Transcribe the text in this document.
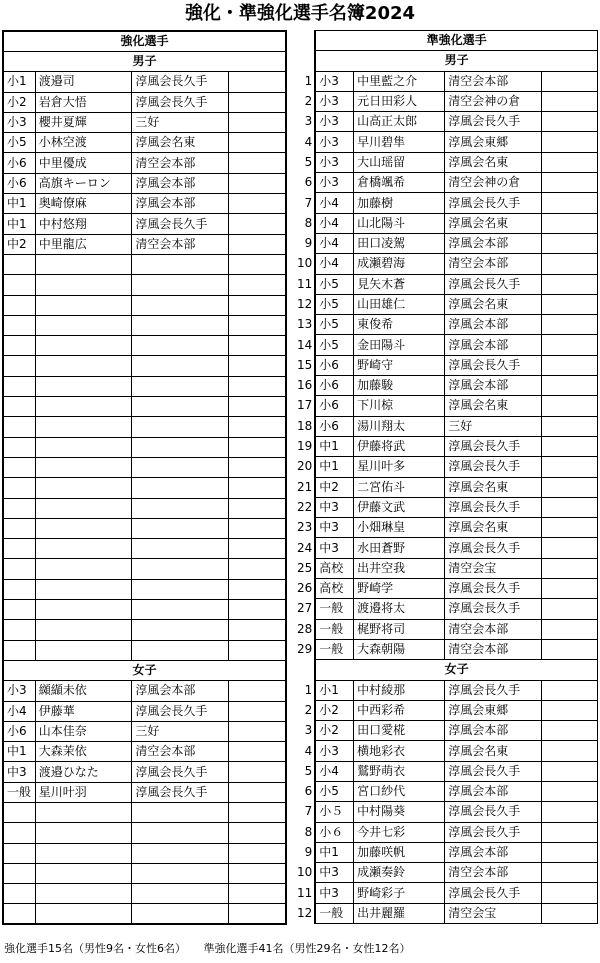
強化・準強化選手名簿2024
強化選手			
男子			
小1	渡邉司	淳風会長久手	
小2	岩倉大悟	淳風会長久手	
小3	櫻井夏輝	三好	
小5	小林空渡	淳風会名東	
小6	中里優成	清空会本部	
小6	高旗キーロン	淳風会本部	
中1	奥崎僚麻	淳風会本部	
中1	中村悠翔	淳風会長久手	
中2	中里龍広	清空会本部	

女子			
小3	纐纈未依	淳風会本部	
小4	伊藤華	淳風会長久手	
小6	山本佳奈	三好	
中1	大森茉依	清空会本部	
中3	渡邉ひなた	淳風会長久手	
一般	星川叶羽	淳風会長久手	

	準強化選手			
	男子			
1	小3	中里藍之介	清空会本部	
2	小3	元日田彩人	清空会神の倉	
3	小3	山高正太郎	淳風会長久手	
4	小3	早川碧隼	淳風会東郷	
5	小3	大山瑶留	淳風会名東	
6	小3	倉橋颯希	清空会神の倉	
7	小4	加藤樹	淳風会長久手	
8	小4	山北陽斗	淳風会名東	
9	小4	田口凌駕	淳風会本部	
10	小4	成瀬碧海	清空会本部	
11	小5	見矢木蒼	淳風会長久手	
12	小5	山田雄仁	淳風会名東	
13	小5	東俊希	淳風会本部	
14	小5	金田陽斗	淳風会本部	
15	小6	野崎守	淳風会長久手	
16	小6	加藤駿	淳風会本部	
17	小6	下川椋	淳風会名東	
18	小6	湯川翔太	三好	
19	中1	伊藤将武	淳風会長久手	
20	中1	星川叶多	淳風会長久手	
21	中2	二宮佑斗	淳風会名東	
22	中3	伊藤文武	淳風会長久手	
23	中3	小畑琳皇	淳風会名東	
24	中3	水田蒼野	淳風会長久手	
25	高校	出井空我	清空会宝	
26	高校	野崎学	淳風会長久手	
27	一般	渡邉将太	淳風会長久手	
28	一般	梶野将司	清空会本部	
29	一般	大森朝陽	清空会本部	
	女子			
1	小1	中村綾那	淳風会長久手	
2	小2	中西彩希	淳風会東郷	
3	小2	田口愛椛	淳風会本部	
4	小3	横地彩衣	淳風会名東	
5	小4	鷲野萌衣	淳風会長久手	
6	小5	宮口紗代	淳風会本部	
7	小５	中村陽葵	淳風会長久手	
8	小６	今井七彩	淳風会長久手	
9	中1	加藤咲帆	淳風会本部	
10	中3	成瀬奏鈴	清空会本部	
11	中3	野崎彩子	淳風会長久手	
12	一般	出井麗羅	清空会宝	
強化選手15名（男性9名・女性6名） 準強化選手41名（男性29名・女性12名）
